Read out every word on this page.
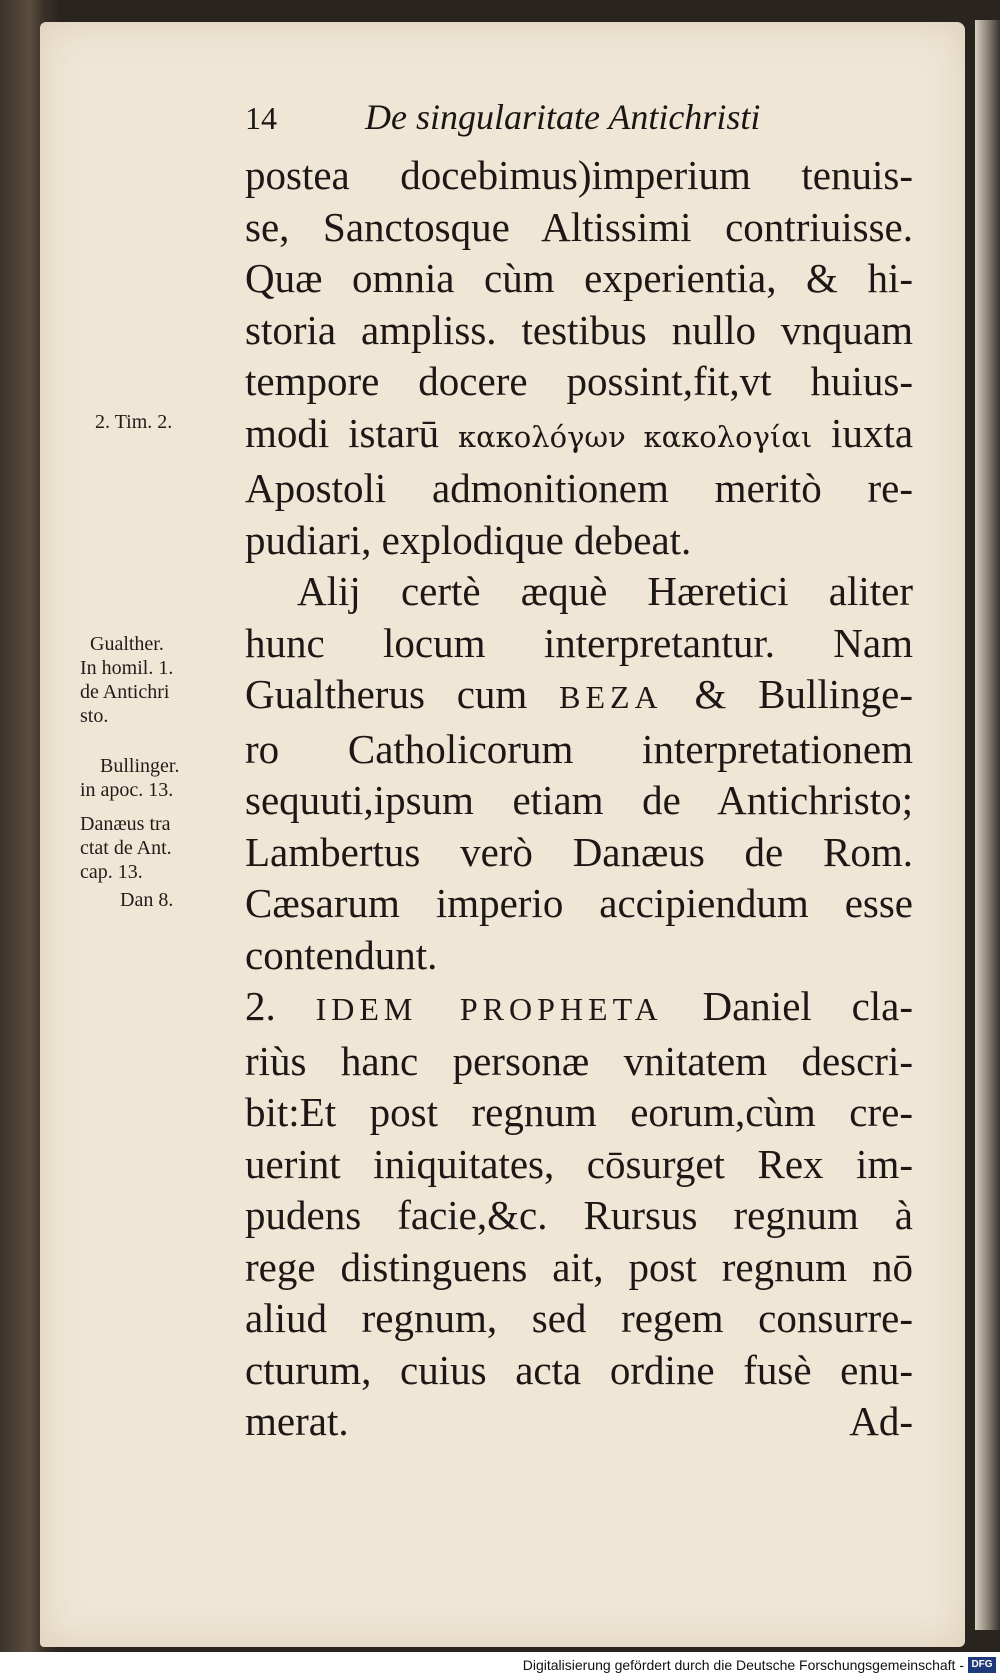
14 De singularitate Antichristi
postea docebimus)imperium tenuis-
se, Sanctosque Altissimi contriuisse.
Quæ omnia cùm experientia, & hi-
storia ampliss. testibus nullo vnquam
tempore docere possint,fit,vt huius-
modi istarū κακολόγων κακολογίαι iuxta
Apostoli admonitionem meritò re-
pudiari, explodique debeat.
Alij certè æquè Hæretici aliter
hunc locum interpretantur. Nam
Gualtherus cum BEZA & Bullinge-
ro Catholicorum interpretationem
sequuti,ipsum etiam de Antichristo;
Lambertus verò Danæus de Rom.
Cæsarum imperio accipiendum esse
contendunt.
2. IDEM PROPHETA Daniel cla-
riùs hanc personæ vnitatem descri-
bit:Et post regnum eorum,cùm cre-
uerint iniquitates, cōsurget Rex im-
pudens facie,&c. Rursus regnum à
rege distinguens ait, post regnum nō
aliud regnum, sed regem consurre-
cturum, cuius acta ordine fusè enu-
merat.	Ad-
2. Tim. 2.
Gualther.
In homil. 1.
de Antichri
sto.
Bullinger.
in apoc. 13.
Danæus tra
ctat de Ant.
cap. 13.
Dan 8.
Digitalisierung gefördert durch die Deutsche Forschungsgemeinschaft - DFG
